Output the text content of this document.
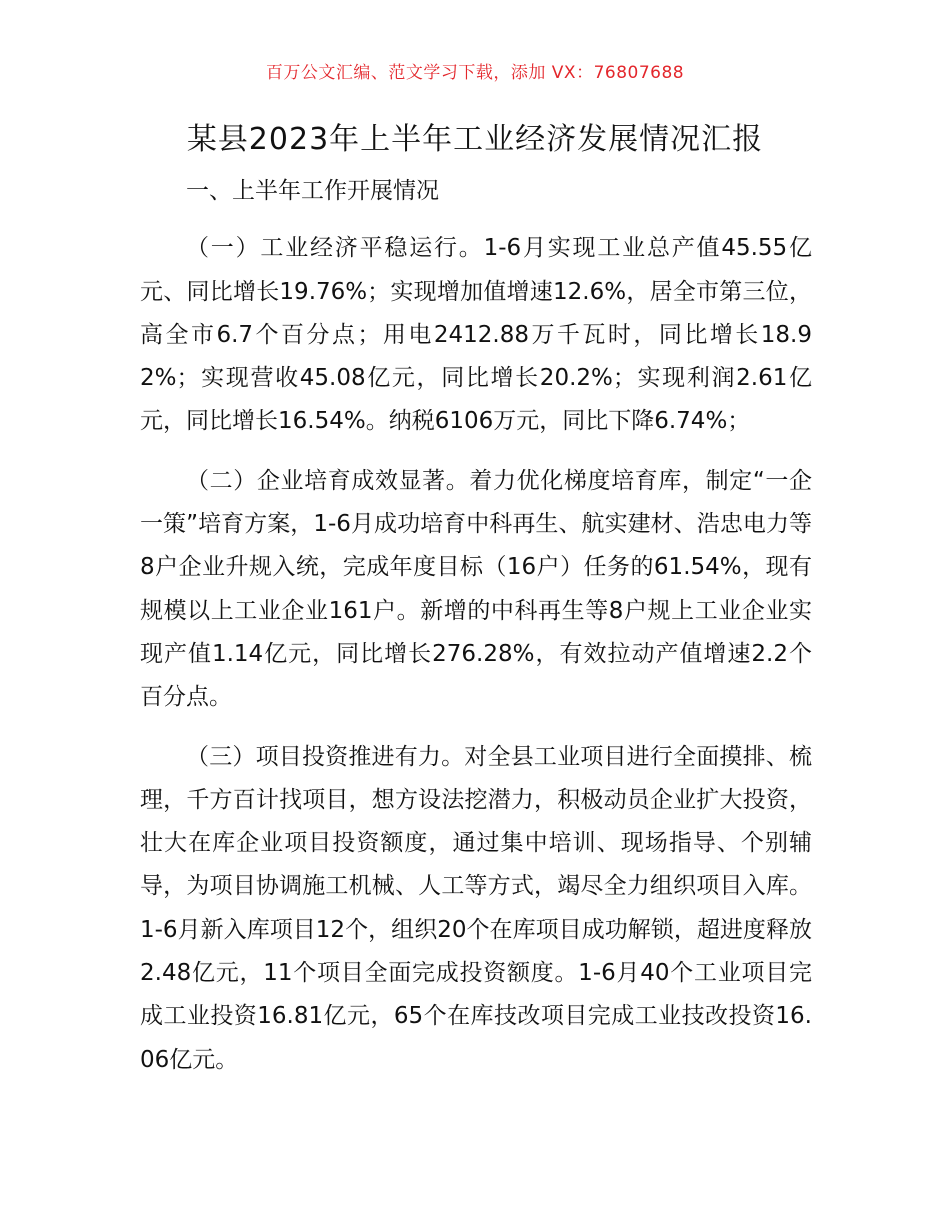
百万公文汇编、范文学习下载，添加 VX：76807688
某县2023年上半年工业经济发展情况汇报

一、上半年工作开展情况

（一）工业经济平稳运行。1-6月实现工业总产值45.55亿元、同比增长19.76%；实现增加值增速12.6%，居全市第三位，高全市6.7个百分点；用电2412.88万千瓦时，同比增长18.92%；实现营收45.08亿元，同比增长20.2%；实现利润2.61亿元，同比增长16.54%。纳税6106万元，同比下降6.74%；

（二）企业培育成效显著。着力优化梯度培育库，制定“一企一策”培育方案，1-6月成功培育中科再生、航实建材、浩忠电力等8户企业升规入统，完成年度目标（16户）任务的61.54%，现有规模以上工业企业161户。新增的中科再生等8户规上工业企业实现产值1.14亿元，同比增长276.28%，有效拉动产值增速2.2个百分点。

（三）项目投资推进有力。对全县工业项目进行全面摸排、梳理，千方百计找项目，想方设法挖潜力，积极动员企业扩大投资，壮大在库企业项目投资额度，通过集中培训、现场指导、个别辅导，为项目协调施工机械、人工等方式，竭尽全力组织项目入库。1-6月新入库项目12个，组织20个在库项目成功解锁，超进度释放2.48亿元，11个项目全面完成投资额度。1-6月40个工业项目完成工业投资16.81亿元，65个在库技改项目完成工业技改投资16.06亿元。
